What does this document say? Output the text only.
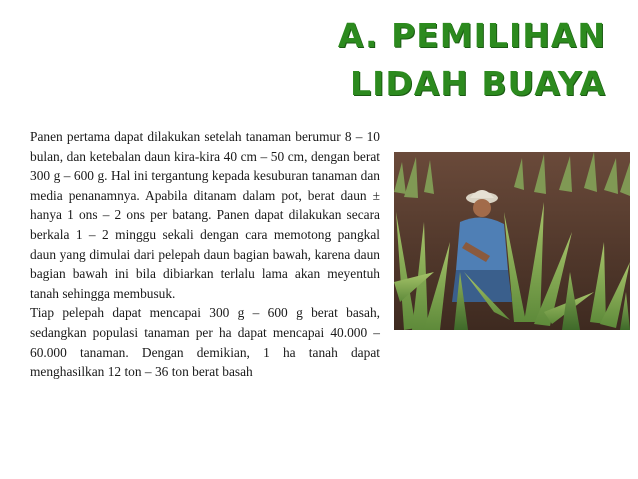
A. PEMILIHAN
LIDAH BUAYA

Panen pertama dapat dilakukan setelah tanaman berumur 8 – 10 bulan, dan ketebalan daun kira-kira 40 cm – 50 cm, dengan berat 300 g – 600 g. Hal ini tergantung kepada kesuburan tanaman dan media penanamnya. Apabila ditanam dalam pot, berat daun ± hanya 1 ons – 2 ons per batang. Panen dapat dilakukan secara berkala 1 – 2 minggu sekali dengan cara memotong pangkal daun yang dimulai dari pelepah daun bagian bawah, karena daun bagian bawah ini bila dibiarkan terlalu lama akan meyentuh tanah sehingga membusuk.

Tiap pelepah dapat mencapai 300 g – 600 g berat basah, sedangkan populasi tanaman per ha dapat mencapai 40.000 – 60.000 tanaman. Dengan demikian, 1 ha tanah dapat menghasilkan 12 ton – 36 ton berat basah
